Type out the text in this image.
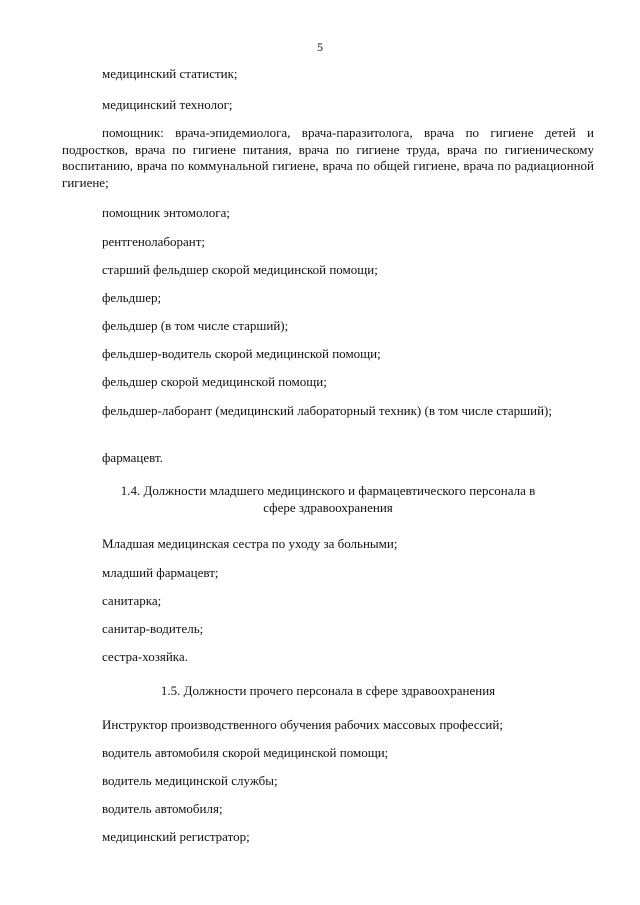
5
медицинский статистик;
медицинский технолог;
помощник: врача-эпидемиолога, врача-паразитолога, врача по гигиене детей и подростков, врача по гигиене питания, врача по гигиене труда, врача по гигиеническому воспитанию, врача по коммунальной гигиене, врача по общей гигиене, врача по радиационной гигиене;
помощник энтомолога;
рентгенолаборант;
старший фельдшер скорой медицинской помощи;
фельдшер;
фельдшер (в том числе старший);
фельдшер-водитель скорой медицинской помощи;
фельдшер скорой медицинской помощи;
фельдшер-лаборант (медицинский лабораторный техник) (в том числе старший);
фармацевт.
1.4. Должности младшего медицинского и фармацевтического персонала в
сфере здравоохранения
Младшая медицинская сестра по уходу за больными;
младший фармацевт;
санитарка;
санитар-водитель;
сестра-хозяйка.
1.5. Должности прочего персонала в сфере здравоохранения
Инструктор производственного обучения рабочих массовых профессий;
водитель автомобиля скорой медицинской помощи;
водитель медицинской службы;
водитель автомобиля;
медицинский регистратор;
